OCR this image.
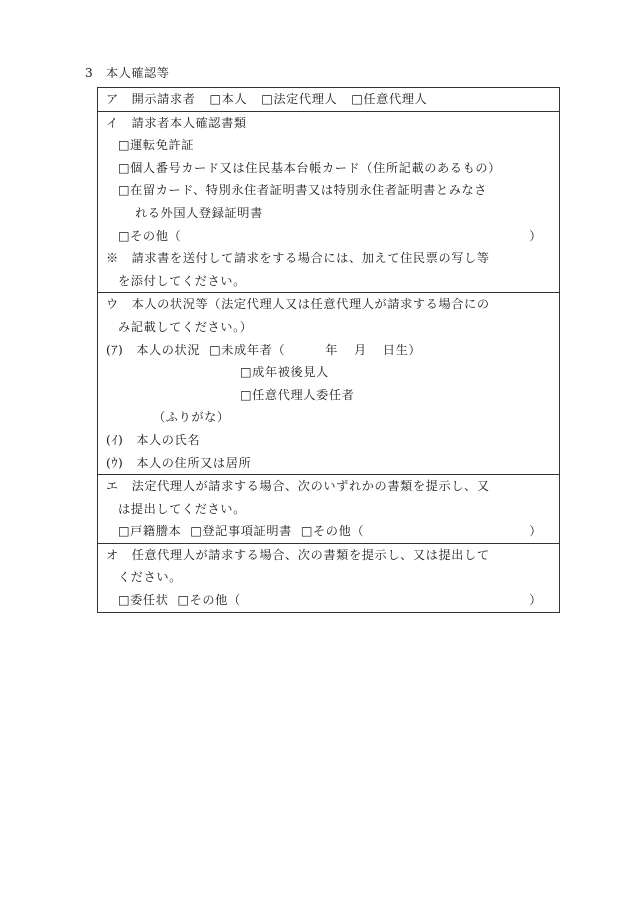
3　本人確認等
ア　開示請求者 □本人 □法定代理人 □任意代理人
イ　請求者本人確認書類
□運転免許証
□個人番号カード又は住民基本台帳カード（住所記載のあるもの）
□在留カード、特別永住者証明書又は特別永住者証明書とみなさ
れる外国人登録証明書
□その他（	）
※　請求書を送付して請求をする場合には、加えて住民票の写し等
を添付してください。
ウ　本人の状況等（法定代理人又は任意代理人が請求する場合にの
み記載してください。）
(ｱ)　本人の状況 □未成年者（	年 月 日生）
□成年被後見人
□任意代理人委任者
（ふりがな）
(ｲ)　本人の氏名
(ｳ)　本人の住所又は居所
エ　法定代理人が請求する場合、次のいずれかの書類を提示し、又
は提出してください。
□戸籍謄本 □登記事項証明書 □その他（	）
オ　任意代理人が請求する場合、次の書類を提示し、又は提出して
ください。
□委任状 □その他（	）
